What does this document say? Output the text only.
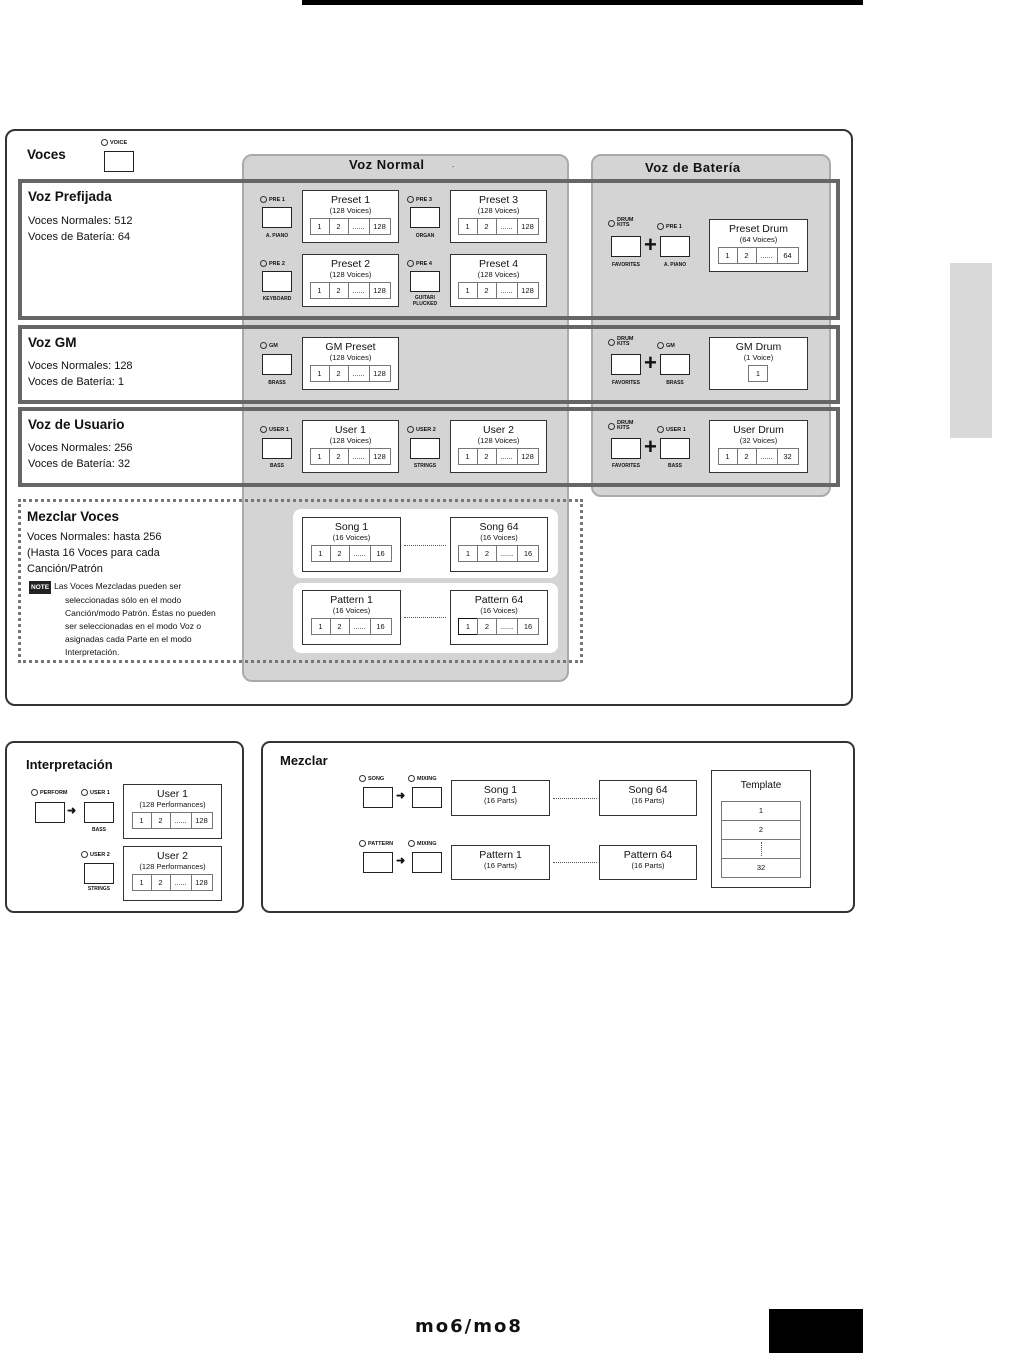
Voces
VOICE
Voz Normal	.	Voz de Batería
Voz Prefijada
Voces Normales: 512
Voces de Batería: 64
PRE 1
A. PIANO
Preset 1
(128 Voices)
1	2	......	128
PRE 3
ORGAN
Preset 3
(128 Voices)
1	2	......	128
PRE 2
KEYBOARD
Preset 2
(128 Voices)
1	2	......	128
PRE 4
GUITAR/
PLUCKED
Preset 4
(128 Voices)
1	2	......	128
DRUM
KITS	PRE 1
+
FAVORITES	A. PIANO
Preset Drum
(64 Voices)
1	2	......	64
Voz GM
Voces Normales: 128
Voces de Batería: 1
GM
BRASS
GM Preset
(128 Voices)
1	2	......	128
DRUM
KITS	GM
+
FAVORITES	BRASS
GM Drum
(1 Voice)
1
Voz de Usuario
Voces Normales: 256
Voces de Batería: 32
USER 1
BASS
User 1
(128 Voices)
1	2	......	128
USER 2
STRINGS
User 2
(128 Voices)
1	2	......	128
DRUM
KITS	USER 1
+
FAVORITES	BASS
User Drum
(32 Voices)
1	2	......	32
Mezclar Voces
Voces Normales: hasta 256
(Hasta 16 Voces para cada
Canción/Patrón
NOTE Las Voces Mezcladas pueden ser
seleccionadas sólo en el modo
Canción/modo Patrón. Éstas no pueden
ser seleccionadas en el modo Voz o
asignadas cada Parte en el modo
Interpretación.
Song 1
(16 Voices)
1	2	......	16
Song 64
(16 Voices)
1	2	......	16
Pattern 1
(16 Voices)
1	2	......	16
Pattern 64
(16 Voices)
1	2	......	16
Interpretación
PERFORM	USER 1
➜
BASS
User 1
(128 Performances)
1	2	......	128
USER 2
STRINGS
User 2
(128 Performances)
1	2	......	128
Mezclar
SONG	MIXING
➜	Song 1
(16 Parts)
Song 64
(16 Parts)
PATTERN	MIXING
➜	Pattern 1
(16 Parts)
Pattern 64
(16 Parts)
Template
1
2
32
mo6/mo8
